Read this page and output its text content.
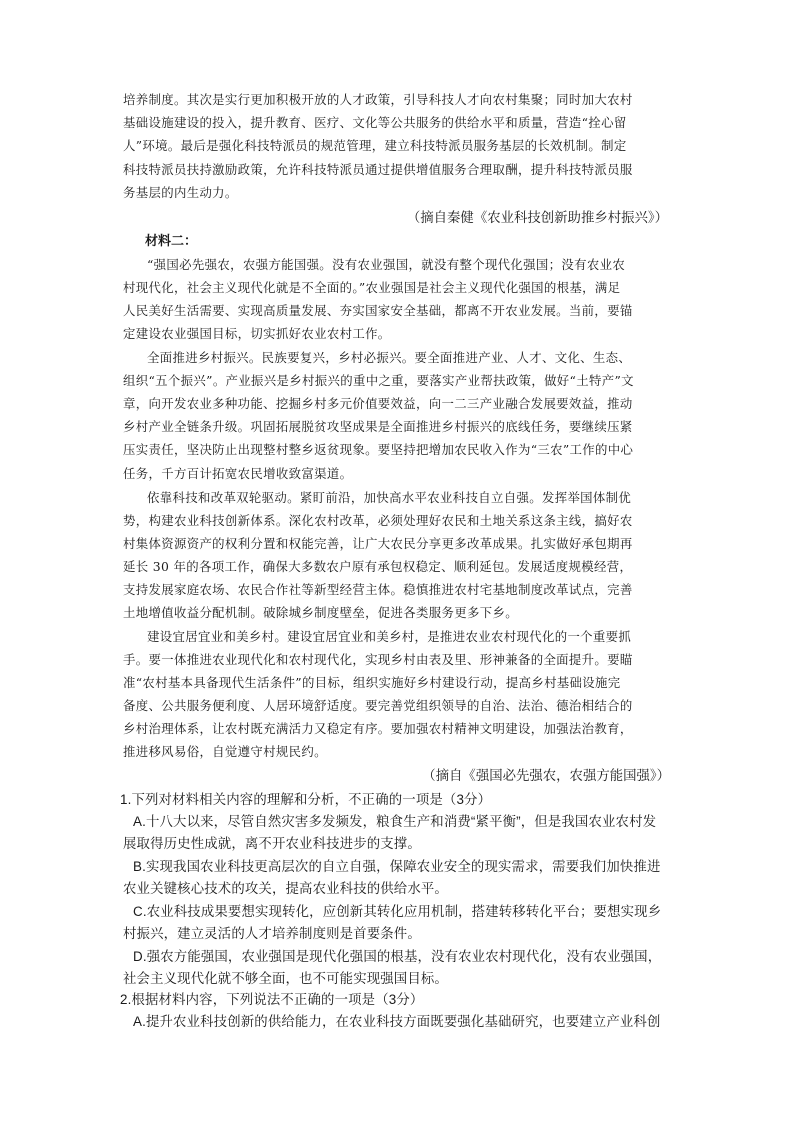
培养制度。其次是实行更加积极开放的人才政策，引导科技人才向农村集聚；同时加大农村
基础设施建设的投入，提升教育、医疗、文化等公共服务的供给水平和质量，营造“拴心留
人”环境。最后是强化科技特派员的规范管理，建立科技特派员服务基层的长效机制。制定
科技特派员扶持激励政策，允许科技特派员通过提供增值服务合理取酬，提升科技特派员服
务基层的内生动力。
（摘自秦健《农业科技创新助推乡村振兴》）
材料二：
“强国必先强农，农强方能国强。没有农业强国，就没有整个现代化强国；没有农业农
村现代化，社会主义现代化就是不全面的。”农业强国是社会主义现代化强国的根基，满足
人民美好生活需要、实现高质量发展、夯实国家安全基础，都离不开农业发展。当前，要锚
定建设农业强国目标，切实抓好农业农村工作。
全面推进乡村振兴。民族要复兴，乡村必振兴。要全面推进产业、人才、文化、生态、
组织“五个振兴”。产业振兴是乡村振兴的重中之重，要落实产业帮扶政策，做好“土特产”文
章，向开发农业多种功能、挖掘乡村多元价值要效益，向一二三产业融合发展要效益，推动
乡村产业全链条升级。巩固拓展脱贫攻坚成果是全面推进乡村振兴的底线任务，要继续压紧
压实责任，坚决防止出现整村整乡返贫现象。要坚持把增加农民收入作为“三农”工作的中心
任务，千方百计拓宽农民增收致富渠道。
依靠科技和改革双轮驱动。紧盯前沿，加快高水平农业科技自立自强。发挥举国体制优
势，构建农业科技创新体系。深化农村改革，必须处理好农民和土地关系这条主线，搞好农
村集体资源资产的权利分置和权能完善，让广大农民分享更多改革成果。扎实做好承包期再
延长 30 年的各项工作，确保大多数农户原有承包权稳定、顺利延包。发展适度规模经营，
支持发展家庭农场、农民合作社等新型经营主体。稳慎推进农村宅基地制度改革试点，完善
土地增值收益分配机制。破除城乡制度壁垒，促进各类服务更多下乡。
建设宜居宜业和美乡村。建设宜居宜业和美乡村，是推进农业农村现代化的一个重要抓
手。要一体推进农业现代化和农村现代化，实现乡村由表及里、形神兼备的全面提升。要瞄
准“农村基本具备现代生活条件”的目标，组织实施好乡村建设行动，提高乡村基础设施完
备度、公共服务便利度、人居环境舒适度。要完善党组织领导的自治、法治、德治相结合的
乡村治理体系，让农村既充满活力又稳定有序。要加强农村精神文明建设，加强法治教育，
推进移风易俗，自觉遵守村规民约。
（摘自《强国必先强农，农强方能国强》）
1.下列对材料相关内容的理解和分析，不正确的一项是（3分）
A.十八大以来，尽管自然灾害多发频发，粮食生产和消费“紧平衡”，但是我国农业农村发
展取得历史性成就，离不开农业科技进步的支撑。
B.实现我国农业科技更高层次的自立自强，保障农业安全的现实需求，需要我们加快推进
农业关键核心技术的攻关，提高农业科技的供给水平。
C.农业科技成果要想实现转化，应创新其转化应用机制，搭建转移转化平台；要想实现乡
村振兴，建立灵活的人才培养制度则是首要条件。
D.强农方能强国，农业强国是现代化强国的根基，没有农业农村现代化，没有农业强国，
社会主义现代化就不够全面，也不可能实现强国目标。
2.根据材料内容，下列说法不正确的一项是（3分）
A.提升农业科技创新的供给能力，在农业科技方面既要强化基础研究，也要建立产业科创
